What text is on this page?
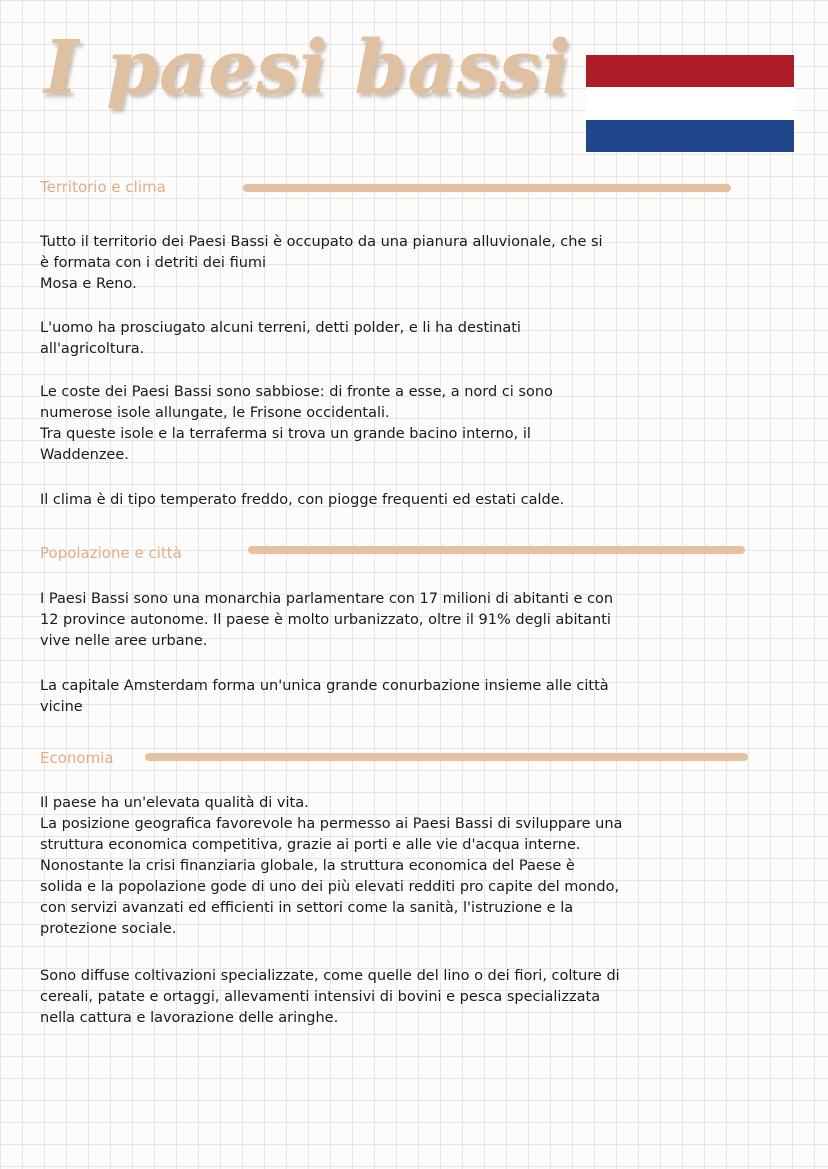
I paesi bassi
Territorio e clima

Tutto il territorio dei Paesi Bassi è occupato da una pianura alluvionale, che si
è formata con i detriti dei fiumi
Mosa e Reno.

L'uomo ha prosciugato alcuni terreni, detti polder, e li ha destinati
all'agricoltura.

Le coste dei Paesi Bassi sono sabbiose: di fronte a esse, a nord ci sono
numerose isole allungate, le Frisone occidentali.
Tra queste isole e la terraferma si trova un grande bacino interno, il
Waddenzee.

Il clima è di tipo temperato freddo, con piogge frequenti ed estati calde.

Popolazione e città

I Paesi Bassi sono una monarchia parlamentare con 17 milioni di abitanti e con
12 province autonome. Il paese è molto urbanizzato, oltre il 91% degli abitanti
vive nelle aree urbane.

La capitale Amsterdam forma un'unica grande conurbazione insieme alle città
vicine

Economia

Il paese ha un'elevata qualità di vita.
La posizione geografica favorevole ha permesso ai Paesi Bassi di sviluppare una
struttura economica competitiva, grazie ai porti e alle vie d'acqua interne.
Nonostante la crisi finanziaria globale, la struttura economica del Paese è
solida e la popolazione gode di uno dei più elevati redditi pro capite del mondo,
con servizi avanzati ed efficienti in settori come la sanità, l'istruzione e la
protezione sociale.

Sono diffuse coltivazioni specializzate, come quelle del lino o dei fiori, colture di
cereali, patate e ortaggi, allevamenti intensivi di bovini e pesca specializzata
nella cattura e lavorazione delle aringhe.
